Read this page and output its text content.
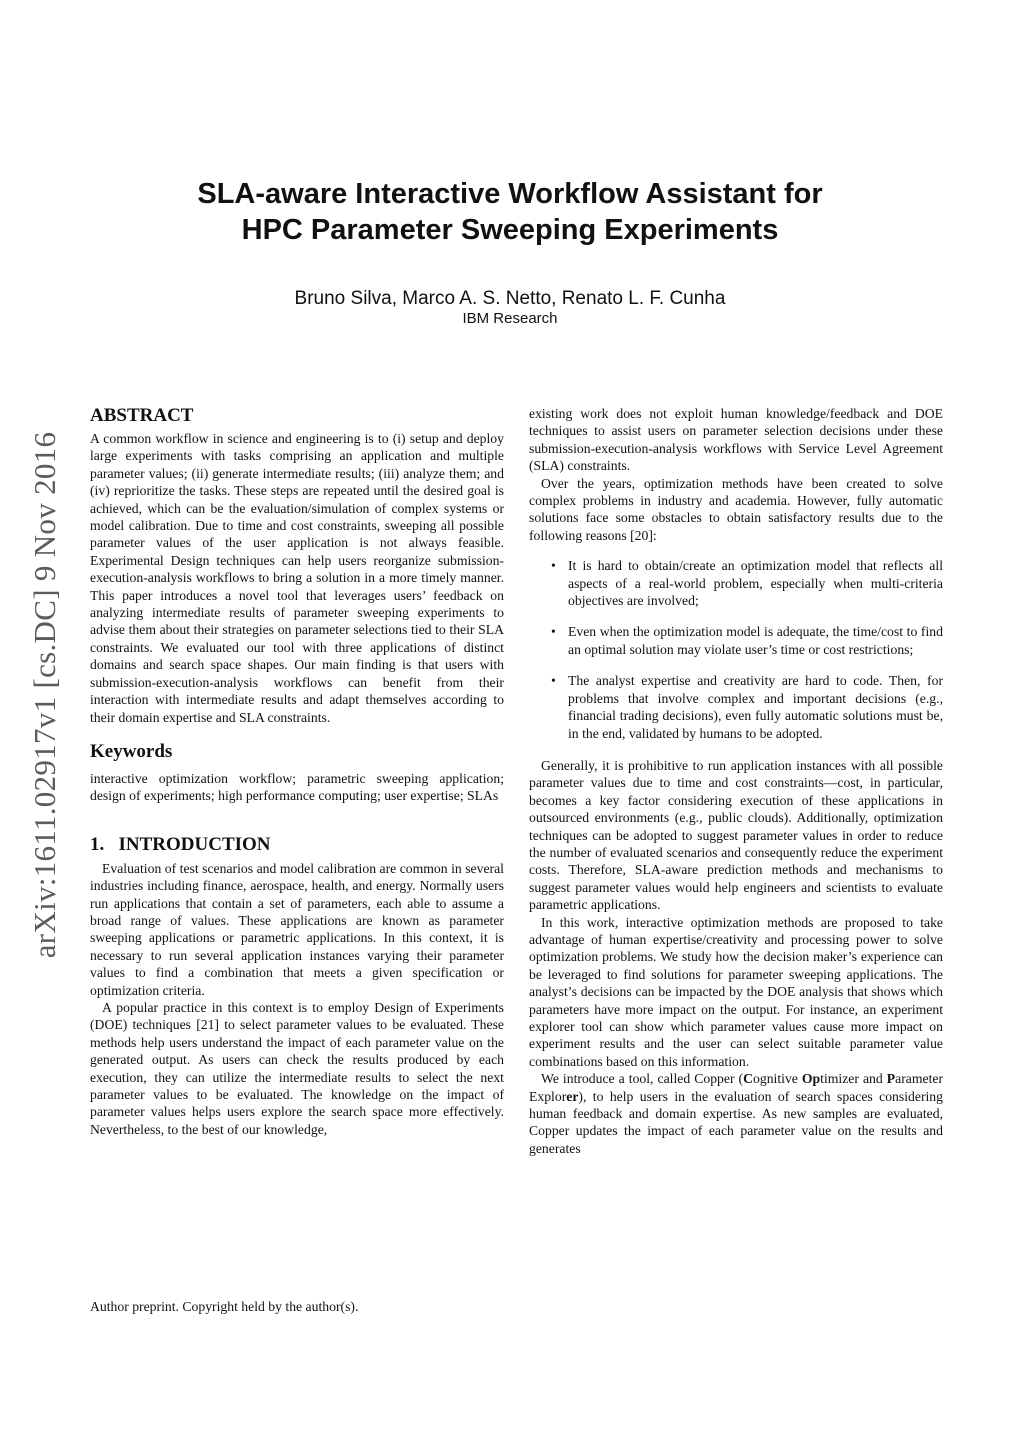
SLA-aware Interactive Workflow Assistant for
HPC Parameter Sweeping Experiments
Bruno Silva, Marco A. S. Netto, Renato L. F. Cunha
IBM Research
arXiv:1611.02917v1 [cs.DC] 9 Nov 2016
ABSTRACT

A common workflow in science and engineering is to (i) setup and deploy large experiments with tasks comprising an application and multiple parameter values; (ii) generate intermediate results; (iii) analyze them; and (iv) reprioritize the tasks. These steps are repeated until the desired goal is achieved, which can be the evaluation/simulation of complex systems or model calibration. Due to time and cost constraints, sweeping all possible parameter values of the user application is not always feasible. Experimental Design techniques can help users reorganize submission-execution-analysis workflows to bring a solution in a more timely manner. This paper introduces a novel tool that leverages users’ feedback on analyzing intermediate results of parameter sweeping experiments to advise them about their strategies on parameter selections tied to their SLA constraints. We evaluated our tool with three applications of distinct domains and search space shapes. Our main finding is that users with submission-execution-analysis workflows can benefit from their interaction with intermediate results and adapt themselves according to their domain expertise and SLA constraints.

Keywords

interactive optimization workflow; parametric sweeping application; design of experiments; high performance computing; user expertise; SLAs

1.   INTRODUCTION

Evaluation of test scenarios and model calibration are common in several industries including finance, aerospace, health, and energy. Normally users run applications that contain a set of parameters, each able to assume a broad range of values. These applications are known as parameter sweeping applications or parametric applications. In this context, it is necessary to run several application instances varying their parameter values to find a combination that meets a given specification or optimization criteria.

A popular practice in this context is to employ Design of Experiments (DOE) techniques [21] to select parameter values to be evaluated. These methods help users understand the impact of each parameter value on the generated output. As users can check the results produced by each execution, they can utilize the intermediate results to select the next parameter values to be evaluated. The knowledge on the impact of parameter values helps users explore the search space more effectively. Nevertheless, to the best of our knowledge,

existing work does not exploit human knowledge/feedback and DOE techniques to assist users on parameter selection decisions under these submission-execution-analysis workflows with Service Level Agreement (SLA) constraints.

Over the years, optimization methods have been created to solve complex problems in industry and academia. However, fully automatic solutions face some obstacles to obtain satisfactory results due to the following reasons [20]:

• It is hard to obtain/create an optimization model that reflects all aspects of a real-world problem, especially when multi-criteria objectives are involved;
• Even when the optimization model is adequate, the time/cost to find an optimal solution may violate user’s time or cost restrictions;
• The analyst expertise and creativity are hard to code. Then, for problems that involve complex and important decisions (e.g., financial trading decisions), even fully automatic solutions must be, in the end, validated by humans to be adopted.

Generally, it is prohibitive to run application instances with all possible parameter values due to time and cost constraints—cost, in particular, becomes a key factor considering execution of these applications in outsourced environments (e.g., public clouds). Additionally, optimization techniques can be adopted to suggest parameter values in order to reduce the number of evaluated scenarios and consequently reduce the experiment costs. Therefore, SLA-aware prediction methods and mechanisms to suggest parameter values would help engineers and scientists to evaluate parametric applications.

In this work, interactive optimization methods are proposed to take advantage of human expertise/creativity and processing power to solve optimization problems. We study how the decision maker’s experience can be leveraged to find solutions for parameter sweeping applications. The analyst’s decisions can be impacted by the DOE analysis that shows which parameters have more impact on the output. For instance, an experiment explorer tool can show which parameter values cause more impact on experiment results and the user can select suitable parameter value combinations based on this information.

We introduce a tool, called Copper (Cognitive Optimizer and Parameter Explorer), to help users in the evaluation of search spaces considering human feedback and domain expertise. As new samples are evaluated, Copper updates the impact of each parameter value on the results and generates

Author preprint. Copyright held by the author(s).
